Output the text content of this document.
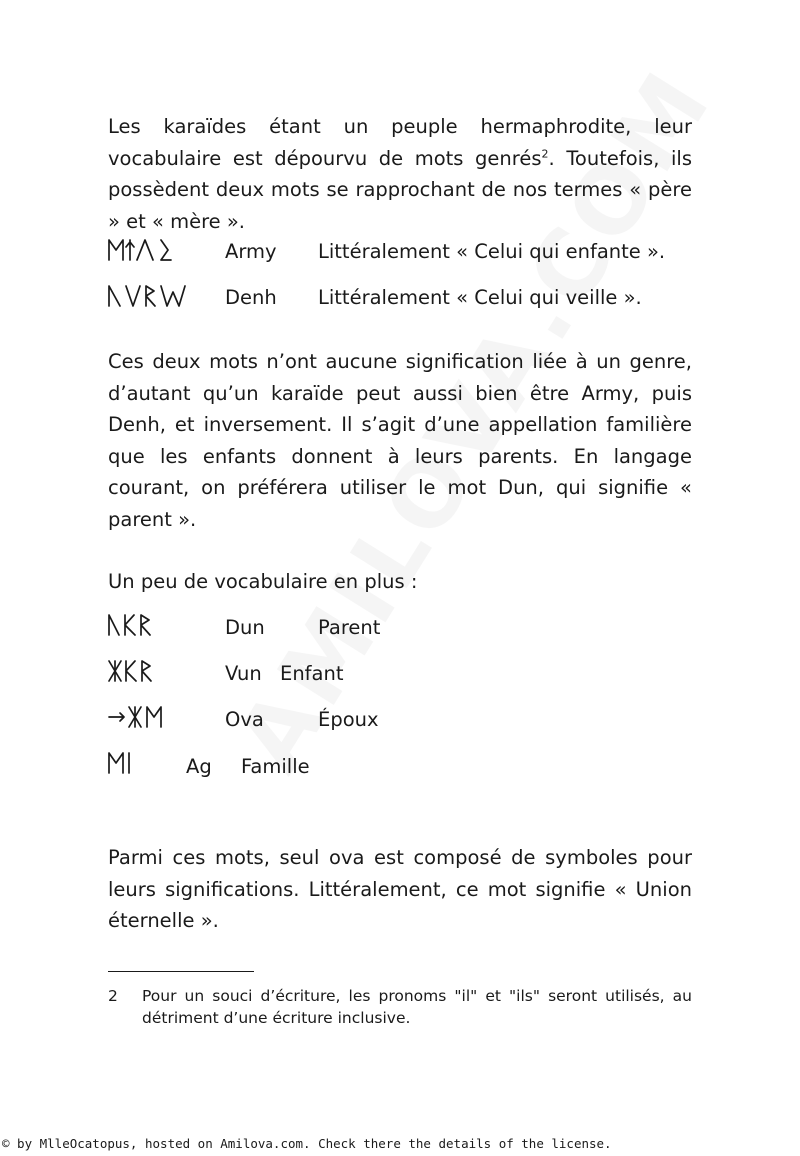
Les karaïdes étant un peuple hermaphrodite, leur vocabulaire est dépourvu de mots genrés$^2$. Toutefois, ils possèdent deux mots se rapprochant de nos termes « père » et « mère ».

Army Littéralement « Celui qui enfante ».
Denh Littéralement « Celui qui veille ».

Ces deux mots n’ont aucune signification liée à un genre, d’autant qu’un karaïde peut aussi bien être Army, puis Denh, et inversement. Il s’agit d’une appellation familière que les enfants donnent à leurs parents. En langage courant, on préférera utiliser le mot Dun, qui signifie « parent ».

Un peu de vocabulaire en plus :

Dun	Parent
Vun Enfant
Ova	Époux
Ag Famille

Parmi ces mots, seul ova est composé de symboles pour leurs significations. Littéralement, ce mot signifie « Union éternelle ».

2 Pour un souci d’écriture, les pronoms "il" et "ils" seront utilisés, au détriment d’une écriture inclusive.

© by MlleOcatopus, hosted on Amilova.com. Check there the details of the license.
